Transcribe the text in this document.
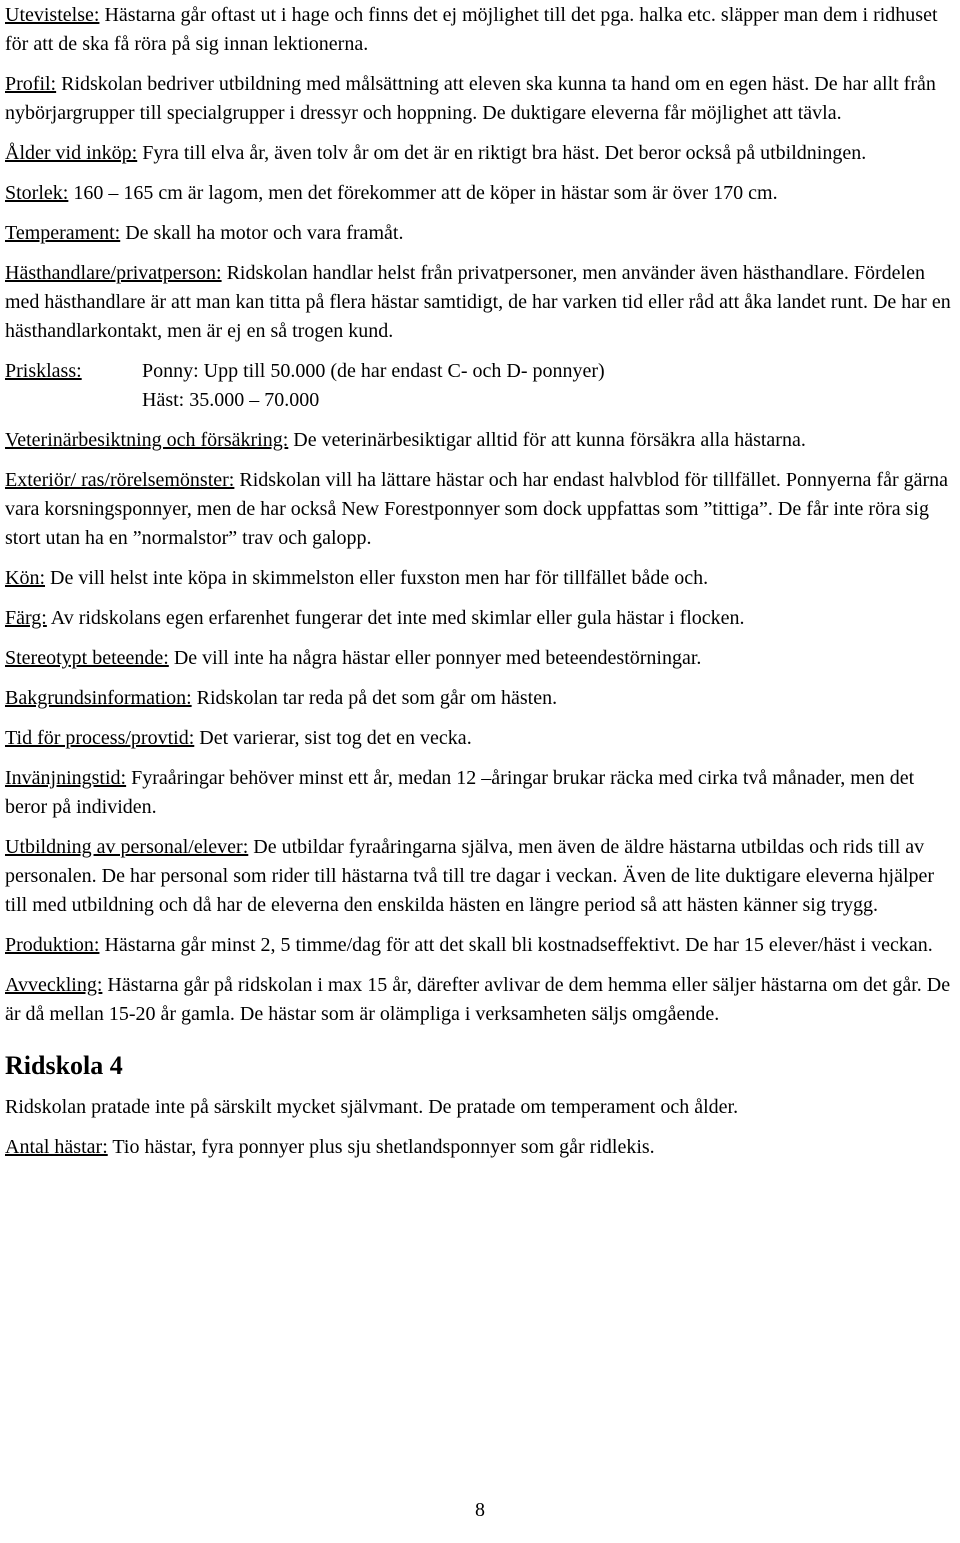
Utevistelse: Hästarna går oftast ut i hage och finns det ej möjlighet till det pga. halka etc. släpper man dem i ridhuset för att de ska få röra på sig innan lektionerna.

Profil: Ridskolan bedriver utbildning med målsättning att eleven ska kunna ta hand om en egen häst. De har allt från nybörjargrupper till specialgrupper i dressyr och hoppning. De duktigare eleverna får möjlighet att tävla.

Ålder vid inköp: Fyra till elva år, även tolv år om det är en riktigt bra häst. Det beror också på utbildningen.

Storlek: 160 – 165 cm är lagom, men det förekommer att de köper in hästar som är över 170 cm.

Temperament: De skall ha motor och vara framåt.

Hästhandlare/privatperson: Ridskolan handlar helst från privatpersoner, men använder även hästhandlare. Fördelen med hästhandlare är att man kan titta på flera hästar samtidigt, de har varken tid eller råd att åka landet runt. De har en hästhandlarkontakt, men är ej en så trogen kund.

Prisklass:	Ponny: Upp till 50.000 (de har endast C- och D- ponnyer)
Häst: 35.000 – 70.000

Veterinärbesiktning och försäkring: De veterinärbesiktigar alltid för att kunna försäkra alla hästarna.

Exteriör/ ras/rörelsemönster: Ridskolan vill ha lättare hästar och har endast halvblod för tillfället. Ponnyerna får gärna vara korsningsponnyer, men de har också New Forestponnyer som dock uppfattas som ”tittiga”. De får inte röra sig stort utan ha en ”normalstor” trav och galopp.

Kön: De vill helst inte köpa in skimmelston eller fuxston men har för tillfället både och.

Färg: Av ridskolans egen erfarenhet fungerar det inte med skimlar eller gula hästar i flocken.

Stereotypt beteende: De vill inte ha några hästar eller ponnyer med beteendestörningar.

Bakgrundsinformation: Ridskolan tar reda på det som går om hästen.

Tid för process/provtid: Det varierar, sist tog det en vecka.

Invänjningstid: Fyraåringar behöver minst ett år, medan 12 –åringar brukar räcka med cirka två månader, men det beror på individen.

Utbildning av personal/elever: De utbildar fyraåringarna själva, men även de äldre hästarna utbildas och rids till av personalen. De har personal som rider till hästarna två till tre dagar i veckan. Även de lite duktigare eleverna hjälper till med utbildning och då har de eleverna den enskilda hästen en längre period så att hästen känner sig trygg.

Produktion: Hästarna går minst 2, 5 timme/dag för att det skall bli kostnadseffektivt. De har 15 elever/häst i veckan.

Avveckling: Hästarna går på ridskolan i max 15 år, därefter avlivar de dem hemma eller säljer hästarna om det går. De är då mellan 15-20 år gamla. De hästar som är olämpliga i verksamheten säljs omgående.

Ridskola 4

Ridskolan pratade inte på särskilt mycket självmant. De pratade om temperament och ålder.

Antal hästar: Tio hästar, fyra ponnyer plus sju shetlandsponnyer som går ridlekis.

8
